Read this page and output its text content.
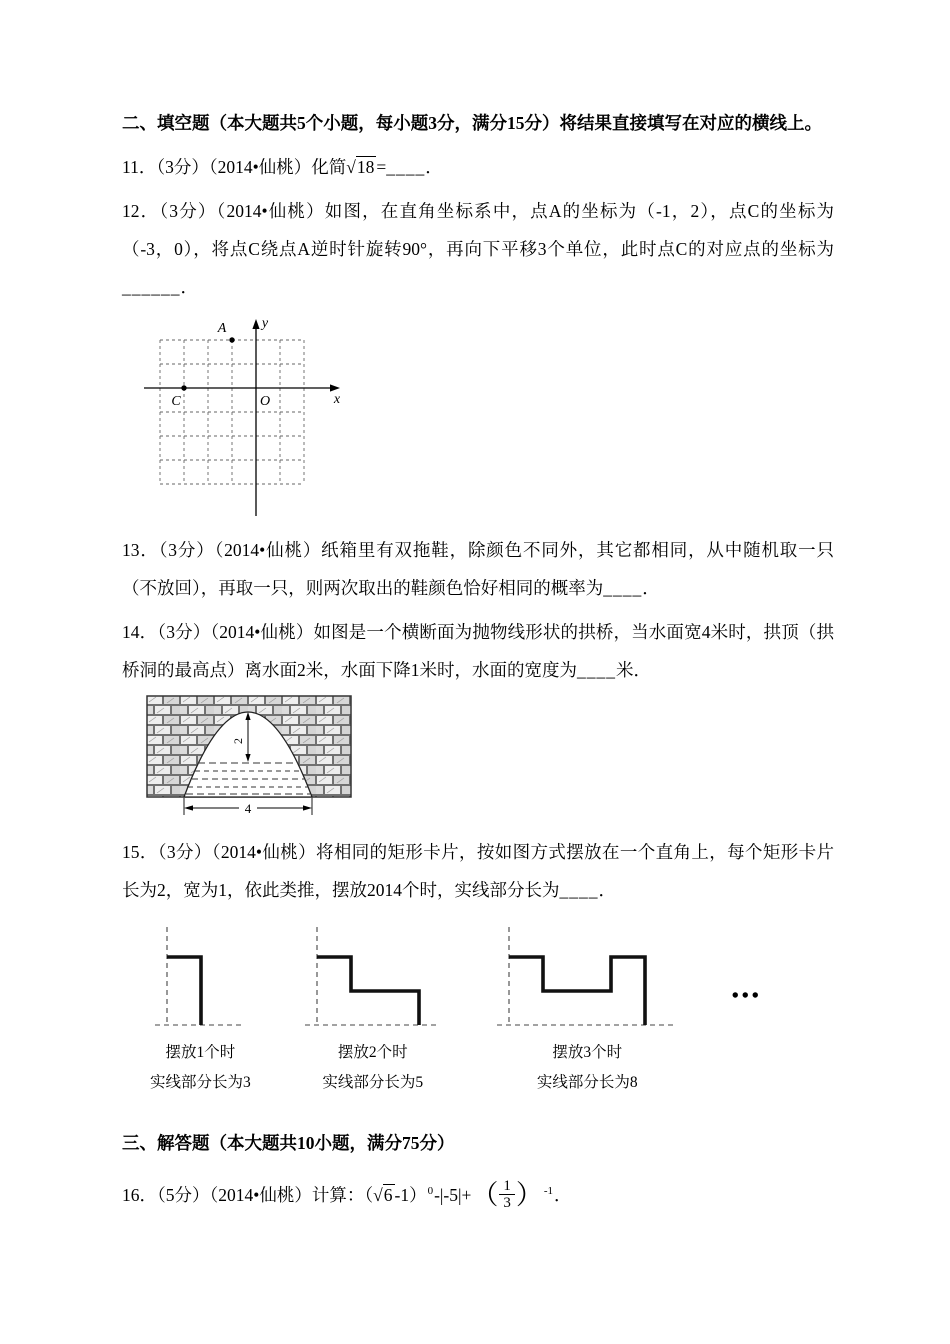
二、填空题（本大题共5个小题，每小题3分，满分15分）将结果直接填写在对应的横线上。

11．（3分）（2014•仙桃）化简√18 =____．

12．（3分）（2014•仙桃）如图，在直角坐标系中，点A的坐标为（-1，2），点C的坐标为（-3，0），将点C绕点A逆时针旋转90°，再向下平移3个单位，此时点C的对应点的坐标为______．

A
C	O	x
y

13．（3分）（2014•仙桃）纸箱里有双拖鞋，除颜色不同外，其它都相同，从中随机取一只（不放回），再取一只，则两次取出的鞋颜色恰好相同的概率为____．

14．（3分）（2014•仙桃）如图是一个横断面为抛物线形状的拱桥，当水面宽4米时，拱顶（拱桥洞的最高点）离水面2米，水面下降1米时，水面的宽度为____米．

2
4

15．（3分）（2014•仙桃）将相同的矩形卡片，按如图方式摆放在一个直角上，每个矩形卡片长为2，宽为1，依此类推，摆放2014个时，实线部分长为____．

摆放1个时
实线部分长为3
摆放2个时
实线部分长为5
摆放3个时
实线部分长为8
•••

三、解答题（本大题共10小题，满分75分）

16．（5分）（2014•仙桃）计算：（√6 $-1)^0-|-5|+( \frac{1}{3} )^{-1}$．
